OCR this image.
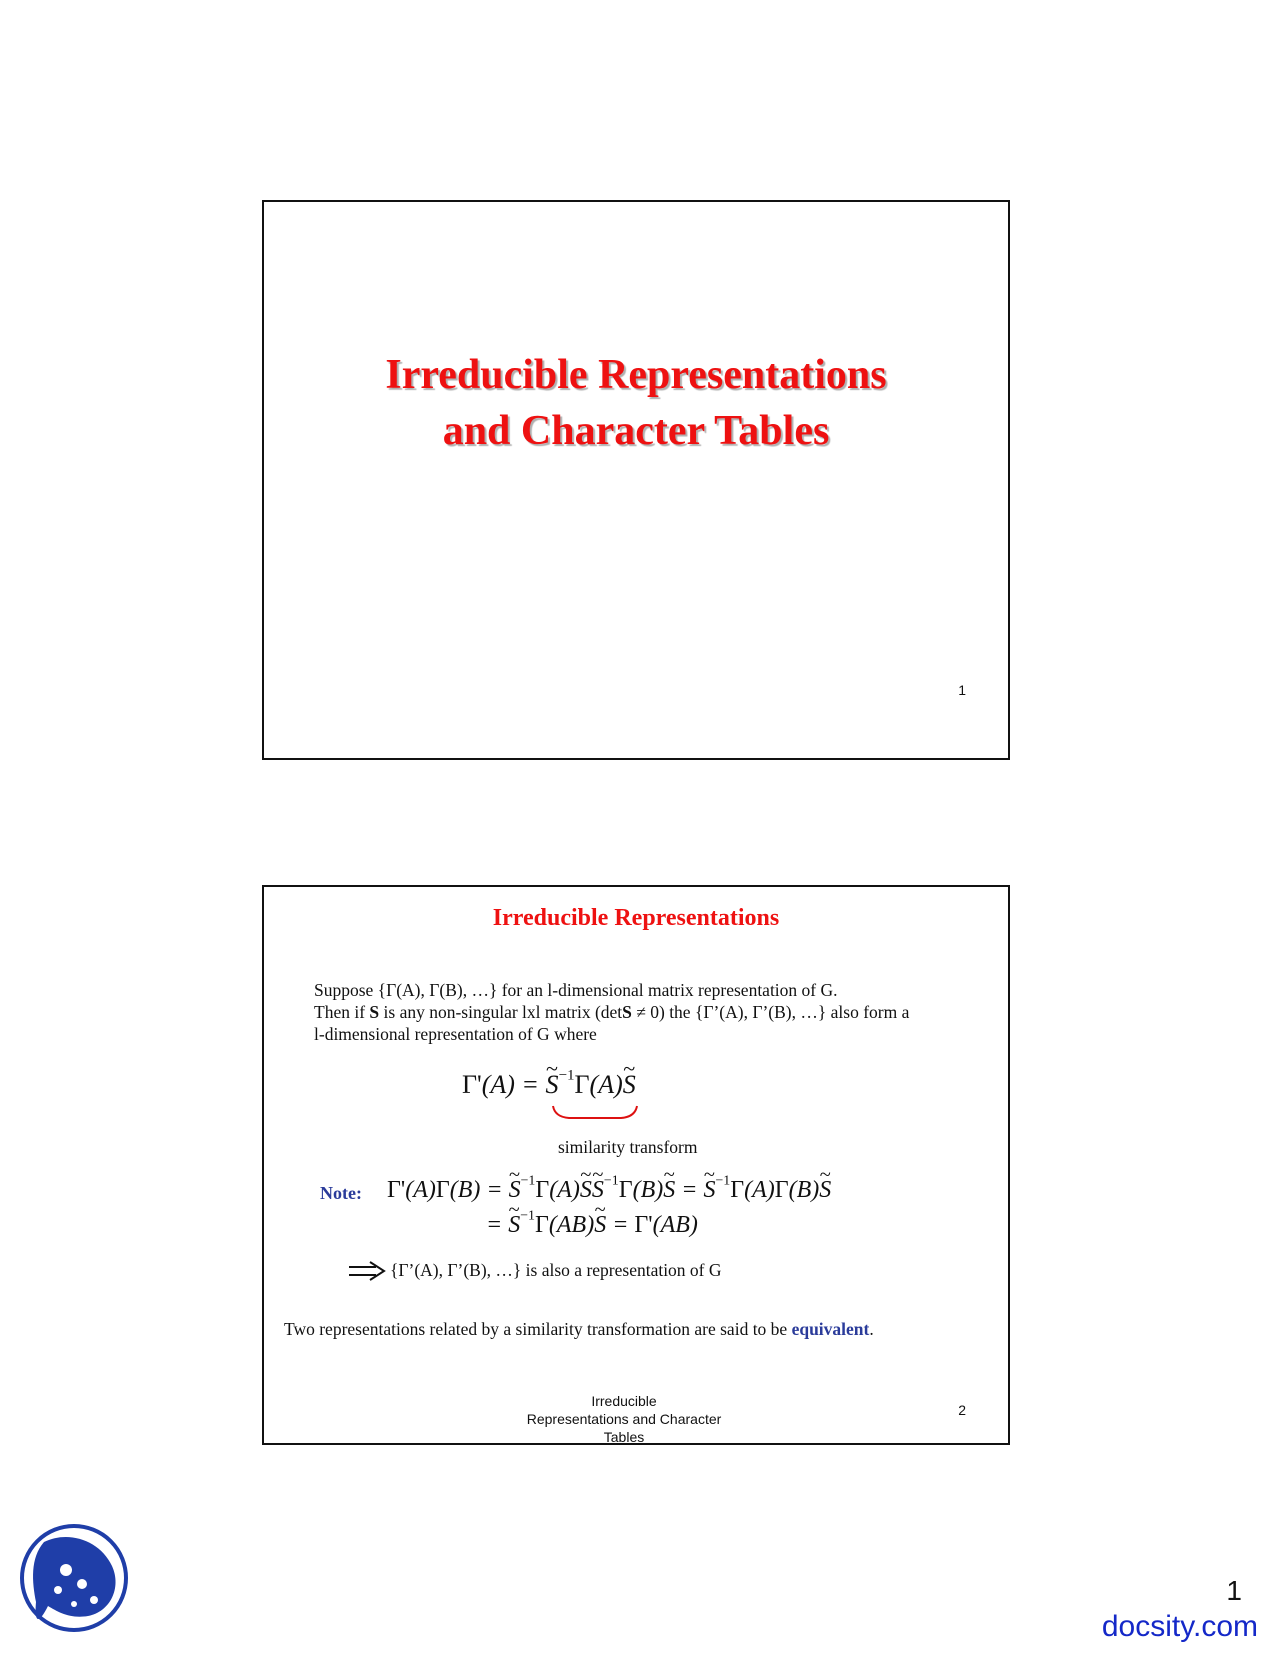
Irreducible Representations
and Character Tables
1
Irreducible Representations
Suppose {Γ(A), Γ(B), …} for an l-dimensional matrix representation of G.
Then if S is any non-singular lxl matrix (detS ≠ 0) the {Γ’(A), Γ’(B), …} also form a
l-dimensional representation of G where
Γ'(A) = ~ $S^{-1}\Gamma(A)\sim$ S
similarity transform
Note: Γ'(A)Γ(B) = ~ $S^{-1}\Gamma(A)\sim$ S~ $S^{-1}\Gamma(B)\sim$ S = ~ $S^{-1}\Gamma(A)\Gamma(B)\sim$ S
= ~ $S^{-1}\Gamma(AB)\sim$ S = Γ'(AB)
{Γ’(A), Γ’(B), …} is also a representation of G
Two representations related by a similarity transformation are said to be equivalent.
Irreducible
Representations and Character
Tables
2
1
docsity.com
